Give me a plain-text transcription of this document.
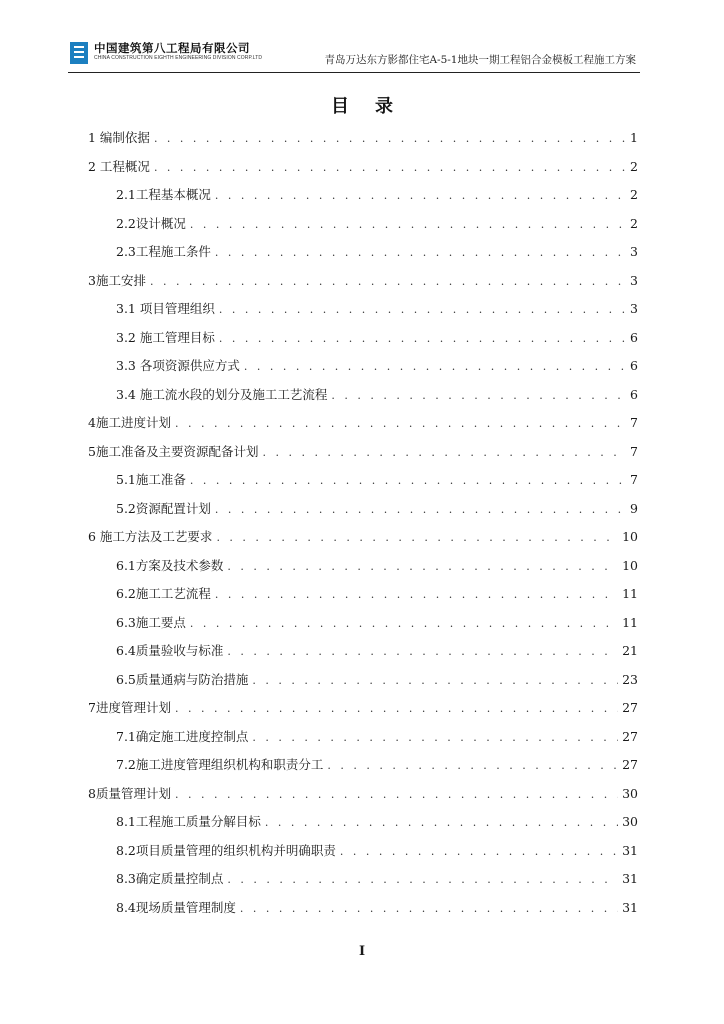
中国建筑第八工程局有限公司
CHINA CONSTRUCTION EIGHTH ENGINEERING DIVISION CORP.LTD	青岛万达东方影都住宅A-5-1地块一期工程铝合金模板工程施工方案
目录
1 编制依据 . . .	1
2 工程概况 . . .	2
2.1工程基本概况 . . .	2
2.2设计概况 . . .	2
2.3工程施工条件 . . .	3
3施工安排 . . .	3
3.1 项目管理组织 . . .	3
3.2 施工管理目标 . . .	6
3.3 各项资源供应方式 . . .	6
3.4 施工流水段的划分及施工工艺流程 . . .	6
4施工进度计划 . . .	7
5施工准备及主要资源配备计划 . . .	7
5.1施工准备 . . .	7
5.2资源配置计划 . . .	9
6 施工方法及工艺要求 . . .	10
6.1方案及技术参数 . . .	10
6.2施工工艺流程 . . .	11
6.3施工要点 . . .	11
6.4质量验收与标准 . . .	21
6.5质量通病与防治措施 . . .	23
7进度管理计划 . . .	27
7.1确定施工进度控制点 . . .	27
7.2施工进度管理组织机构和职责分工 . . .	27
8质量管理计划 . . .	30
8.1工程施工质量分解目标 . . .	30
8.2项目质量管理的组织机构并明确职责 . . .	31
8.3确定质量控制点 . . .	31
8.4现场质量管理制度 . . .	31
I
